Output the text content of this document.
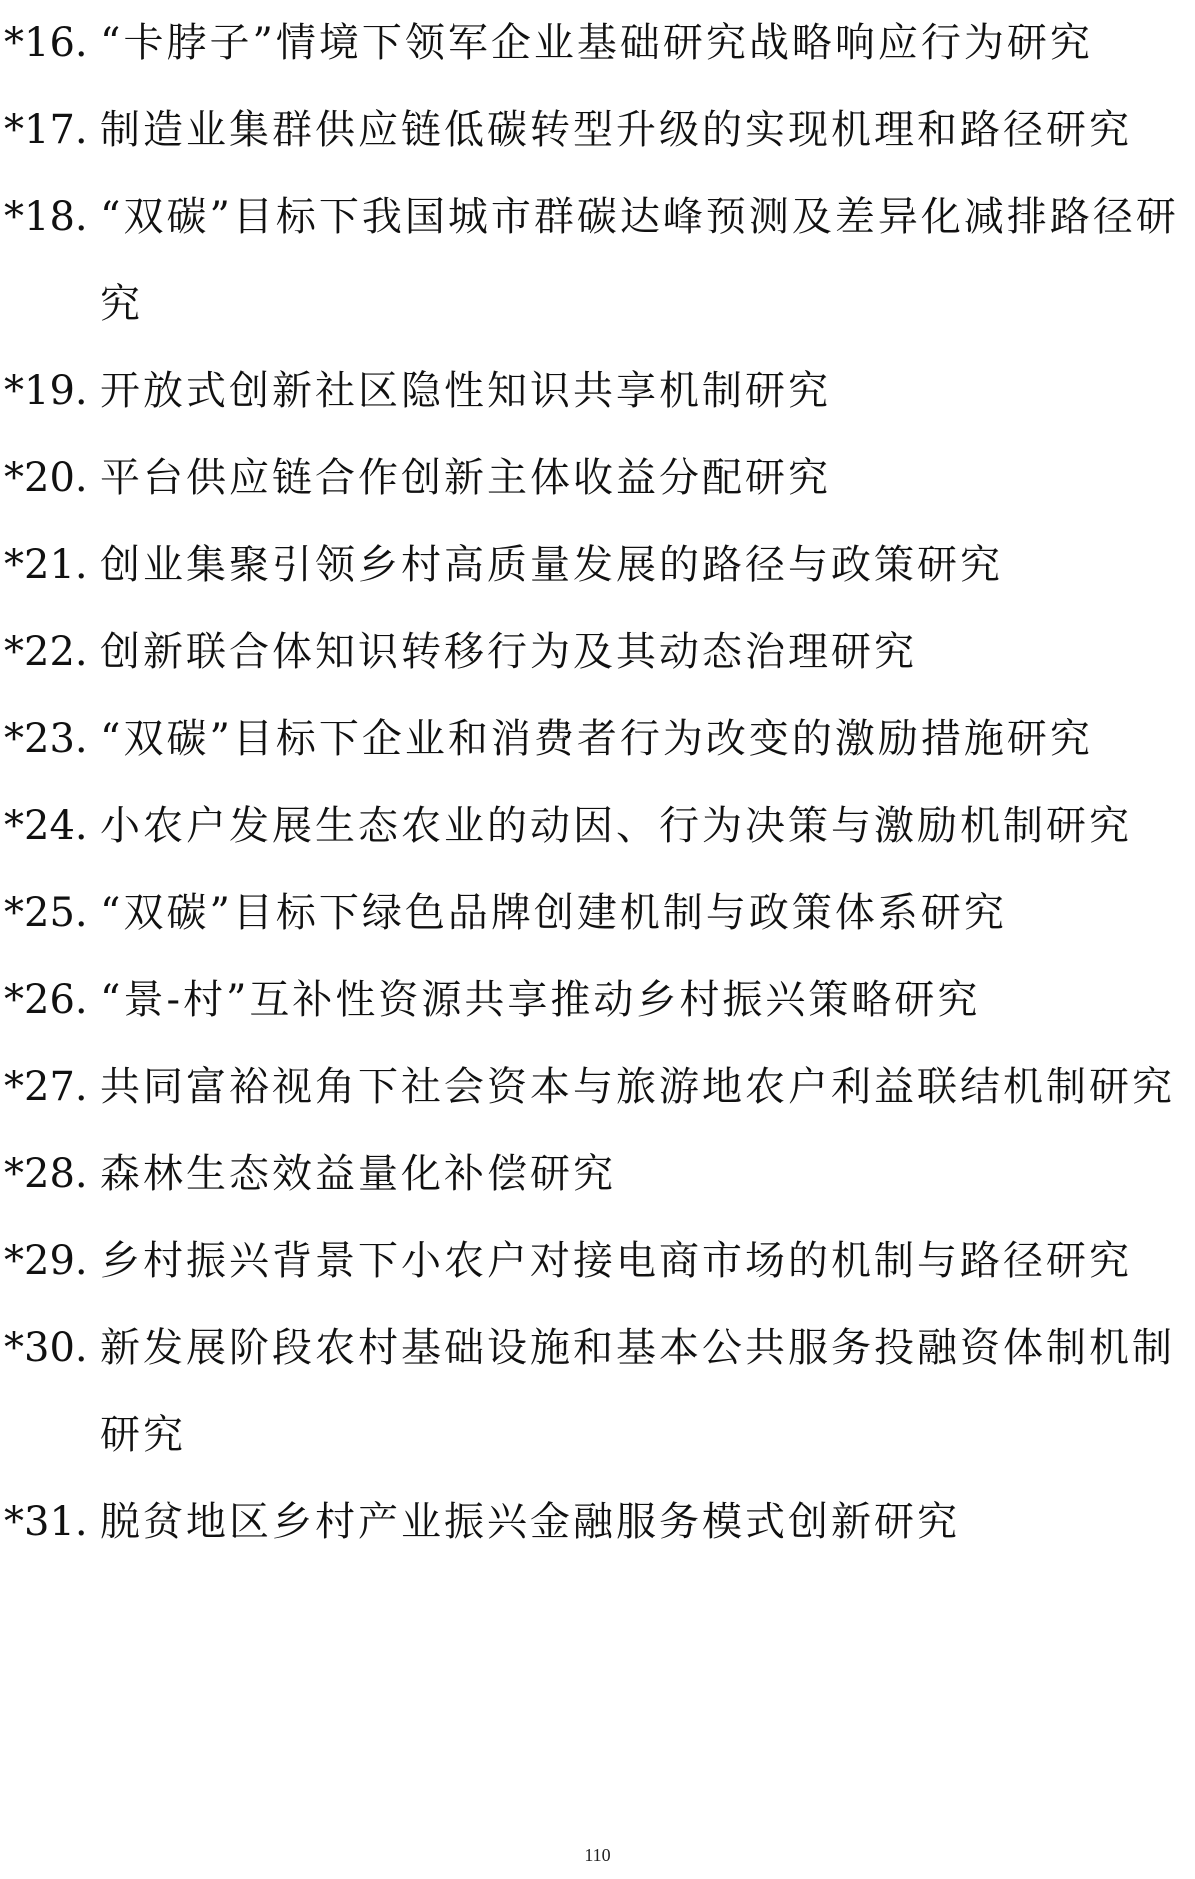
*16. “卡脖子”情境下领军企业基础研究战略响应行为研究
*17. 制造业集群供应链低碳转型升级的实现机理和路径研究
*18. “双碳”目标下我国城市群碳达峰预测及差异化减排路径研究
*19. 开放式创新社区隐性知识共享机制研究
*20. 平台供应链合作创新主体收益分配研究
*21. 创业集聚引领乡村高质量发展的路径与政策研究
*22. 创新联合体知识转移行为及其动态治理研究
*23. “双碳”目标下企业和消费者行为改变的激励措施研究
*24. 小农户发展生态农业的动因、行为决策与激励机制研究
*25. “双碳”目标下绿色品牌创建机制与政策体系研究
*26. “景-村”互补性资源共享推动乡村振兴策略研究
*27. 共同富裕视角下社会资本与旅游地农户利益联结机制研究
*28. 森林生态效益量化补偿研究
*29. 乡村振兴背景下小农户对接电商市场的机制与路径研究
*30. 新发展阶段农村基础设施和基本公共服务投融资体制机制研究
*31. 脱贫地区乡村产业振兴金融服务模式创新研究
110
